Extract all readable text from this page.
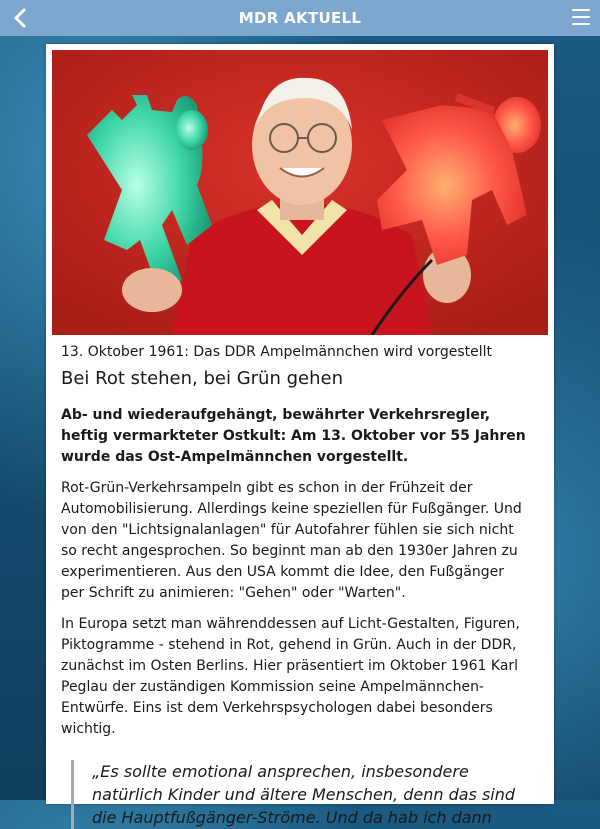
MDR AKTUELL

13. Oktober 1961: Das DDR Ampelmännchen wird vorgestellt

Bei Rot stehen, bei Grün gehen

Ab- und wiederaufgehängt, bewährter Verkehrsregler, heftig vermarkteter Ostkult: Am 13. Oktober vor 55 Jahren wurde das Ost-Ampelmännchen vorgestellt.

Rot-Grün-Verkehrsampeln gibt es schon in der Frühzeit der Automobilisierung. Allerdings keine speziellen für Fußgänger. Und von den "Lichtsignalanlagen" für Autofahrer fühlen sie sich nicht so recht angesprochen. So beginnt man ab den 1930er Jahren zu experimentieren. Aus den USA kommt die Idee, den Fußgänger per Schrift zu animieren: "Gehen" oder "Warten".

In Europa setzt man währenddessen auf Licht-Gestalten, Figuren, Piktogramme - stehend in Rot, gehend in Grün. Auch in der DDR, zunächst im Osten Berlins. Hier präsentiert im Oktober 1961 Karl Peglau der zuständigen Kommission seine Ampelmännchen-Entwürfe. Eins ist dem Verkehrspsychologen dabei besonders wichtig.

„Es sollte emotional ansprechen, insbesondere natürlich Kinder und ältere Menschen, denn das sind die Hauptfußgänger-Ströme. Und da hab ich dann
